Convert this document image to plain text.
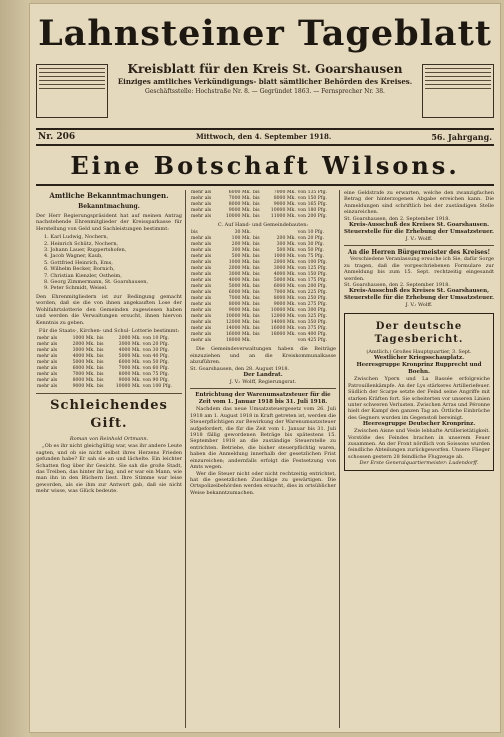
Lahnsteiner Tageblatt
Kreisblatt für den Kreis St. Goarshausen
Einziges amtliches Verkündigungs- blatt sämtlicher Behörden des Kreises.
Geschäftsstelle: Hochstraße Nr. 8. — Gegründet 1863. — Fernsprecher Nr. 38.
Nr. 206	Mittwoch, den 4. September 1918.	56. Jahrgang.
Eine Botschaft Wilsons.
Amtliche Bekanntmachungen.
Bekanntmachung.
Der Herr Regierungspräsident hat auf meinen Antrag nachstehende Ehrenmitglieder der Kreissparkasse für Herstellung von Geld und Sachleistungen bestimmt:
1. Karl Ludwig, Nochern,
2. Heinrich Schütz, Nochern,
3. Johann Lauer, Ruppertshofen,
4. Jacob Wagner, Kaub,
5. Gottfried Heinrich, Ems,
6. Wilhelm Becker, Bornich,
7. Christian Kienzler, Ostheim,
8. Georg Zimmermann, St. Goarshausen,
9. Peter Schmidt, Weisel.
Den Ehrenmitgliedern ist zur Bedingung gemacht worden, daß sie die von ihnen angekauften Lose der Wohlfahrtslotterie den Gemeinden zugewiesen haben und werden die Verwaltungen ersucht, ihnen hiervon Kenntnis zu geben.
Für die Staats-, Kirchen- und Schul- Lotterie bestimmt:
mehr als	1000 Mk.	bis	2000 Mk.	von 10 Pfg.
mehr als	2000 Mk.	bis	3000 Mk.	von 20 Pfg.
mehr als	3000 Mk.	bis	4000 Mk.	von 30 Pfg.
mehr als	4000 Mk.	bis	5000 Mk.	von 40 Pfg.
mehr als	5000 Mk.	bis	6000 Mk.	von 50 Pfg.
mehr als	6000 Mk.	bis	7000 Mk.	von 60 Pfg.
mehr als	7000 Mk.	bis	8000 Mk.	von 75 Pfg.
mehr als	8000 Mk.	bis	9000 Mk.	von 90 Pfg.
mehr als	9000 Mk.	bis	10000 Mk.	von 100 Pfg.
Schleichendes Gift.
Roman von Reinhold Ortmann.
„Ob es ihr nicht gleichgültig war, was ihr andere Leute sagten, und ob sie nicht selbst ihres Herzens Frieden gefunden habe? Er sah sie an und lächelte. Ein leichter Schatten flog über ihr Gesicht. Sie sah die große Stadt, das Treiben, das hinter ihr lag, und er war ein Mann, wie man ihn in den Büchern liest. Ihre Stimme war leise geworden, als sie ihm zur Antwort gab, daß sie nicht mehr wisse, was Glück bedeute.
mehr als	6000 Mk.	bis	7000 Mk.	von 135 Pfg.
mehr als	7000 Mk.	bis	8000 Mk.	von 150 Pfg.
mehr als	8000 Mk.	bis	9000 Mk.	von 165 Pfg.
mehr als	9000 Mk.	bis	10000 Mk.	von 180 Pfg.
mehr als	10000 Mk.	bis	11000 Mk.	von 200 Pfg.
C. Auf Hand- und Gemeindebauten:
bis	30 Mk.			von 10 Pfg.
mehr als	100 Mk.	bis	200 Mk.	von 20 Pfg.
mehr als	200 Mk.	bis	300 Mk.	von 30 Pfg.
mehr als	300 Mk.	bis	500 Mk.	von 50 Pfg.
mehr als	500 Mk.	bis	1000 Mk.	von 75 Pfg.
mehr als	1000 Mk.	bis	2000 Mk.	von 100 Pfg.
mehr als	2000 Mk.	bis	3000 Mk.	von 125 Pfg.
mehr als	3000 Mk.	bis	4000 Mk.	von 150 Pfg.
mehr als	4000 Mk.	bis	5000 Mk.	von 175 Pfg.
mehr als	5000 Mk.	bis	6000 Mk.	von 200 Pfg.
mehr als	6000 Mk.	bis	7000 Mk.	von 225 Pfg.
mehr als	7000 Mk.	bis	8000 Mk.	von 250 Pfg.
mehr als	8000 Mk.	bis	9000 Mk.	von 275 Pfg.
mehr als	9000 Mk.	bis	10000 Mk.	von 300 Pfg.
mehr als	10000 Mk.	bis	12000 Mk.	von 325 Pfg.
mehr als	12000 Mk.	bis	14000 Mk.	von 350 Pfg.
mehr als	14000 Mk.	bis	16000 Mk.	von 375 Pfg.
mehr als	16000 Mk.	bis	18000 Mk.	von 400 Pfg.
mehr als	18000 Mk.			von 425 Pfg.
Die Gemeindeverwaltungen haben die Beiträge einzuziehen und an die Kreiskommunalkasse abzuführen.
St. Goarshausen, den 28. August 1918.
Der Landrat.
J. V.: Wolff, Regierungsrat.
Entrichtung der Warenumsatzsteuer für die Zeit vom 1. Januar 1918 bis 31. Juli 1918.
Nachdem das neue Umsatzsteuergesetz vom 26. Juli 1918 am 1. August 1918 in Kraft getreten ist, werden die Steuerpflichtigen zur Bewirkung der Warenumsatzsteuer aufgefordert, die für die Zeit vom 1. Januar bis 31. Juli 1918 fällig gewordenen Beträge bis spätestens 15. September 1918 an die zuständige Steuerstelle zu entrichten. Betriebe, die bisher steuerpflichtig waren, haben die Anmeldung innerhalb der gesetzlichen Frist einzureichen; andernfalls erfolgt die Festsetzung von Amts wegen.
Wer die Steuer nicht oder nicht rechtzeitig entrichtet, hat die gesetzlichen Zuschläge zu gewärtigen. Die Ortspolizeibehörden werden ersucht, dies in ortsüblicher Weise bekanntzumachen.
eine Geldstrafe zu erwarten, welche den zwanzigfachen Betrag der hinterzogenen Abgabe erreichen kann. Die Anmeldungen sind schriftlich bei der zuständigen Stelle einzureichen.
St. Goarshausen, den 2. September 1918.
Kreis-Ausschuß des Kreises St. Goarshausen.
Steuerstelle für die Erhebung der Umsatzsteuer.
J. V.: Wolff.
An die Herren Bürgermeister des Kreises!
Verschiedene Veranlassung ersuche ich Sie, dafür Sorge zu tragen, daß die vorgeschriebenen Formulare zur Anmeldung bis zum 15. Sept. rechtzeitig eingesandt werden.
St. Goarshausen, den 2. September 1918.
Kreis-Ausschuß des Kreises St. Goarshausen,
Steuerstelle für die Erhebung der Umsatzsteuer.
J. V.: Wolff.
Der deutsche Tagesbericht.
(Amtlich.) Großes Hauptquartier, 3. Sept.
Westlicher Kriegsschauplatz.
Heeresgruppe Kronprinz Rupprecht und Boehn.
Zwischen Ypern und La Bassée erfolgreiche Patrouillenkämpfe. An der Lys stärkeres Artilleriefeuer. Südlich der Scarpe setzte der Feind seine Angriffe mit starken Kräften fort. Sie scheiterten vor unseren Linien unter schweren Verlusten. Zwischen Arras und Péronne hielt der Kampf den ganzen Tag an. Örtliche Einbrüche des Gegners wurden im Gegenstoß bereinigt.
Heeresgruppe Deutscher Kronprinz.
Zwischen Aisne und Vesle lebhafte Artillerietätigkeit. Vorstöße des Feindes brachen in unserem Feuer zusammen. An der Front nördlich von Soissons wurden feindliche Abteilungen zurückgeworfen. Unsere Flieger schossen gestern 28 feindliche Flugzeuge ab.
Der Erste Generalquartiermeister: Ludendorff.
